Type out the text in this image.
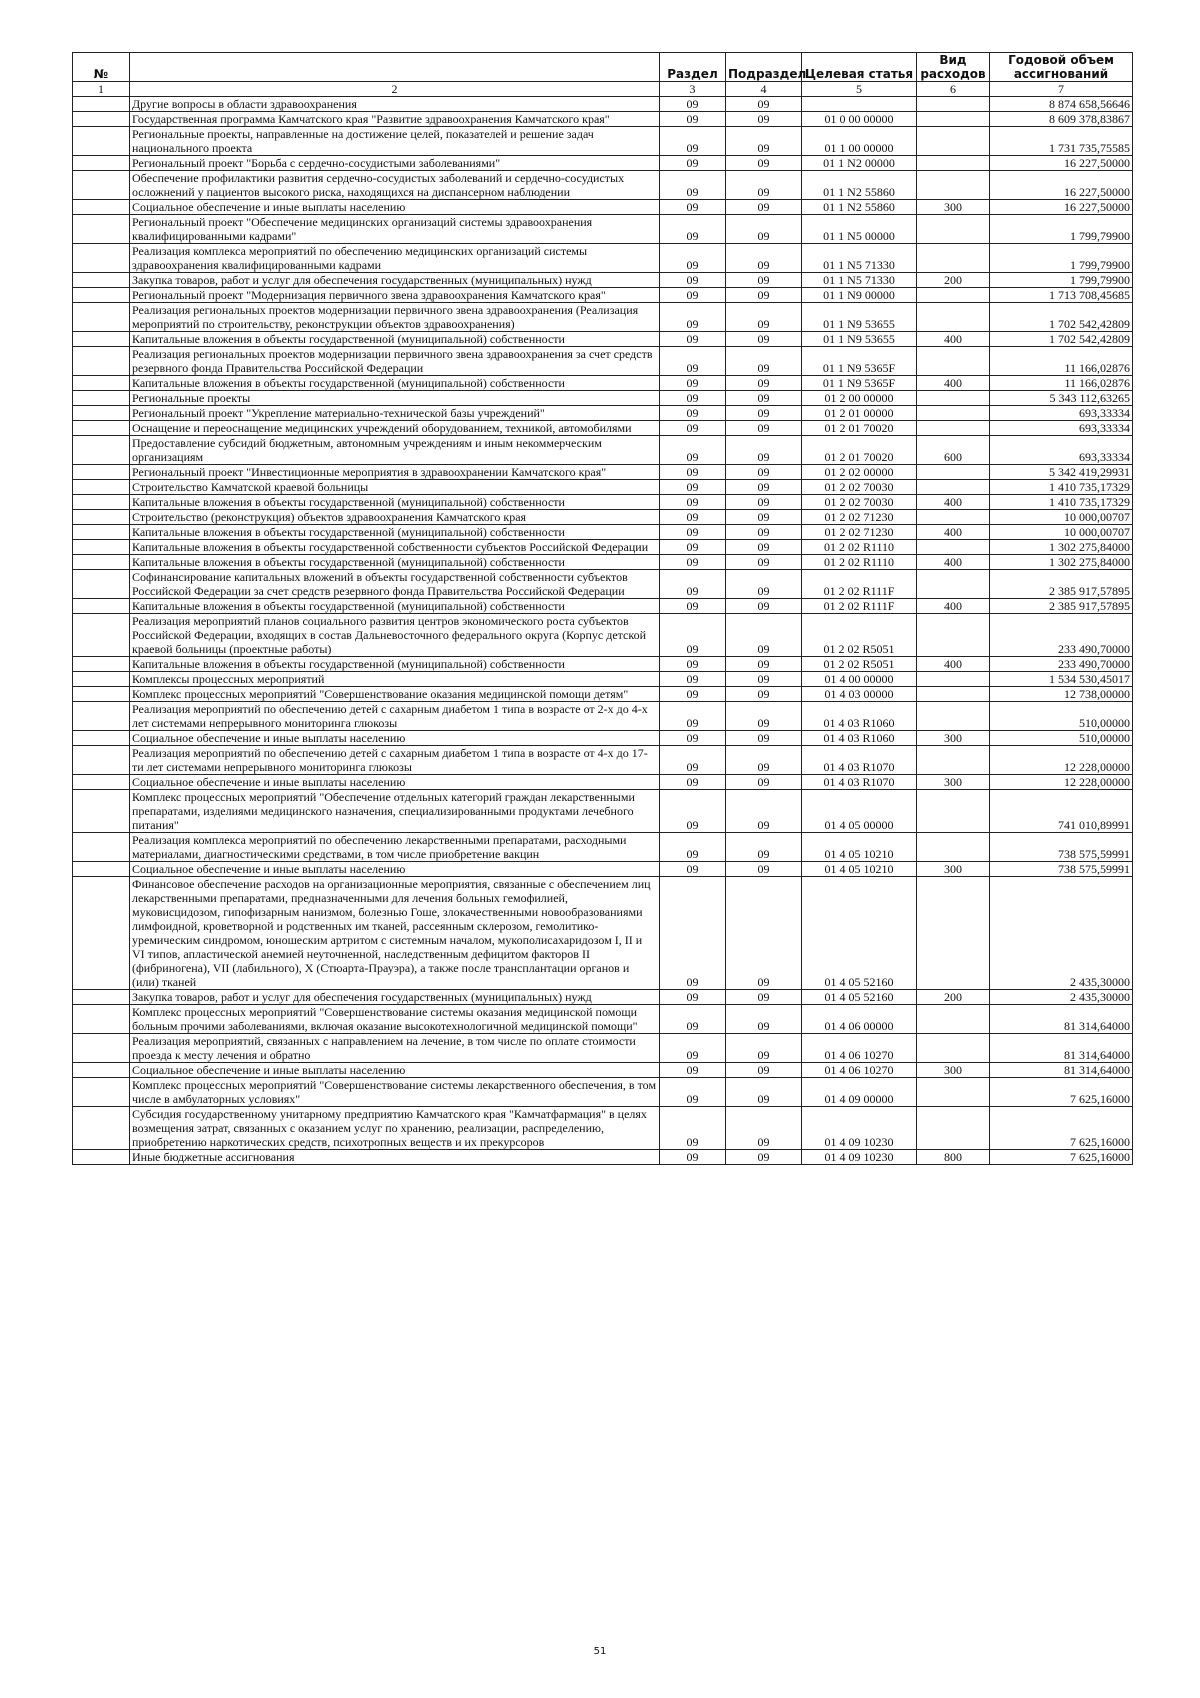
№		Раздел	Подраздел	Целевая статья	Вид расходов	Годовой объем ассигнований
1	2	3	4	5	6	7
	Другие вопросы в области здравоохранения	09	09			8 874 658,56646
	Государственная программа Камчатского края "Развитие здравоохранения Камчатского края"	09	09	01 0 00 00000		8 609 378,83867
	Региональные проекты, направленные на достижение целей, показателей и решение задач национального проекта	09	09	01 1 00 00000		1 731 735,75585
	Региональный проект "Борьба с сердечно-сосудистыми заболеваниями"	09	09	01 1 N2 00000		16 227,50000
	Обеспечение профилактики развития сердечно-сосудистых заболеваний и сердечно-сосудистых осложнений у пациентов высокого риска, находящихся на диспансерном наблюдении	09	09	01 1 N2 55860		16 227,50000
	Социальное обеспечение и иные выплаты населению	09	09	01 1 N2 55860	300	16 227,50000
	Региональный проект "Обеспечение медицинских организаций системы здравоохранения квалифицированными кадрами"	09	09	01 1 N5 00000		1 799,79900
	Реализация комплекса мероприятий по обеспечению медицинских организаций системы здравоохранения квалифицированными кадрами	09	09	01 1 N5 71330		1 799,79900
	Закупка товаров, работ и услуг для обеспечения государственных (муниципальных) нужд	09	09	01 1 N5 71330	200	1 799,79900
	Региональный проект "Модернизация первичного звена здравоохранения Камчатского края"	09	09	01 1 N9 00000		1 713 708,45685
	Реализация региональных проектов модернизации первичного звена здравоохранения (Реализация мероприятий по строительству, реконструкции объектов здравоохранения)	09	09	01 1 N9 53655		1 702 542,42809
	Капитальные вложения в объекты государственной (муниципальной) собственности	09	09	01 1 N9 53655	400	1 702 542,42809
	Реализация региональных проектов модернизации первичного звена здравоохранения за счет средств резервного фонда Правительства Российской Федерации	09	09	01 1 N9 5365F		11 166,02876
	Капитальные вложения в объекты государственной (муниципальной) собственности	09	09	01 1 N9 5365F	400	11 166,02876
	Региональные проекты	09	09	01 2 00 00000		5 343 112,63265
	Региональный проект "Укрепление материально-технической базы учреждений"	09	09	01 2 01 00000		693,33334
	Оснащение и переоснащение медицинских учреждений оборудованием, техникой, автомобилями	09	09	01 2 01 70020		693,33334
	Предоставление субсидий бюджетным, автономным учреждениям и иным некоммерческим организациям	09	09	01 2 01 70020	600	693,33334
	Региональный проект "Инвестиционные мероприятия в здравоохранении Камчатского края"	09	09	01 2 02 00000		5 342 419,29931
	Строительство Камчатской краевой больницы	09	09	01 2 02 70030		1 410 735,17329
	Капитальные вложения в объекты государственной (муниципальной) собственности	09	09	01 2 02 70030	400	1 410 735,17329
	Строительство (реконструкция) объектов здравоохранения Камчатского края	09	09	01 2 02 71230		10 000,00707
	Капитальные вложения в объекты государственной (муниципальной) собственности	09	09	01 2 02 71230	400	10 000,00707
	Капитальные вложения в объекты государственной собственности субъектов Российской Федерации	09	09	01 2 02 R1110		1 302 275,84000
	Капитальные вложения в объекты государственной (муниципальной) собственности	09	09	01 2 02 R1110	400	1 302 275,84000
	Софинансирование капитальных вложений в объекты государственной собственности субъектов Российской Федерации за счет средств резервного фонда Правительства Российской Федерации	09	09	01 2 02 R111F		2 385 917,57895
	Капитальные вложения в объекты государственной (муниципальной) собственности	09	09	01 2 02 R111F	400	2 385 917,57895
	Реализация мероприятий планов социального развития центров экономического роста субъектов Российской Федерации, входящих в состав Дальневосточного федерального округа (Корпус детской краевой больницы (проектные работы)	09	09	01 2 02 R5051		233 490,70000
	Капитальные вложения в объекты государственной (муниципальной) собственности	09	09	01 2 02 R5051	400	233 490,70000
	Комплексы процессных мероприятий	09	09	01 4 00 00000		1 534 530,45017
	Комплекс процессных мероприятий "Совершенствование оказания медицинской помощи детям"	09	09	01 4 03 00000		12 738,00000
	Реализация мероприятий по обеспечению детей с сахарным диабетом 1 типа в возрасте от 2-х до 4-х лет системами непрерывного мониторинга глюкозы	09	09	01 4 03 R1060		510,00000
	Социальное обеспечение и иные выплаты населению	09	09	01 4 03 R1060	300	510,00000
	Реализация мероприятий по обеспечению детей с сахарным диабетом 1 типа в возрасте от 4-х до 17-ти лет системами непрерывного мониторинга глюкозы	09	09	01 4 03 R1070		12 228,00000
	Социальное обеспечение и иные выплаты населению	09	09	01 4 03 R1070	300	12 228,00000
	Комплекс процессных мероприятий "Обеспечение отдельных категорий граждан лекарственными препаратами, изделиями медицинского назначения, специализированными продуктами лечебного питания"	09	09	01 4 05 00000		741 010,89991
	Реализация комплекса мероприятий по обеспечению лекарственными препаратами, расходными материалами, диагностическими средствами, в том числе приобретение вакцин	09	09	01 4 05 10210		738 575,59991
	Социальное обеспечение и иные выплаты населению	09	09	01 4 05 10210	300	738 575,59991
	Финансовое обеспечение расходов на организационные мероприятия, связанные с обеспечением лиц лекарственными препаратами, предназначенными для лечения больных гемофилией, муковисцидозом, гипофизарным нанизмом, болезнью Гоше, злокачественными новообразованиями лимфоидной, кроветворной и родственных им тканей, рассеянным склерозом, гемолитико-уремическим синдромом, юношеским артритом с системным началом, мукополисахаридозом I, II и VI типов, апластической анемией неуточненной, наследственным дефицитом факторов II (фибриногена), VII (лабильного), X (Стюарта-Прауэра), а также после трансплантации органов и (или) тканей	09	09	01 4 05 52160		2 435,30000
	Закупка товаров, работ и услуг для обеспечения государственных (муниципальных) нужд	09	09	01 4 05 52160	200	2 435,30000
	Комплекс процессных мероприятий "Совершенствование системы оказания медицинской помощи больным прочими заболеваниями, включая оказание высокотехнологичной медицинской помощи"	09	09	01 4 06 00000		81 314,64000
	Реализация мероприятий, связанных с направлением на лечение, в том числе по оплате стоимости проезда к месту лечения и обратно	09	09	01 4 06 10270		81 314,64000
	Социальное обеспечение и иные выплаты населению	09	09	01 4 06 10270	300	81 314,64000
	Комплекс процессных мероприятий "Совершенствование системы лекарственного обеспечения, в том числе в амбулаторных условиях"	09	09	01 4 09 00000		7 625,16000
	Субсидия государственному унитарному предприятию Камчатского края "Камчатфармация" в целях возмещения затрат, связанных с оказанием услуг по хранению, реализации, распределению, приобретению наркотических средств, психотропных веществ и их прекурсоров	09	09	01 4 09 10230		7 625,16000
	Иные бюджетные ассигнования	09	09	01 4 09 10230	800	7 625,16000
51
